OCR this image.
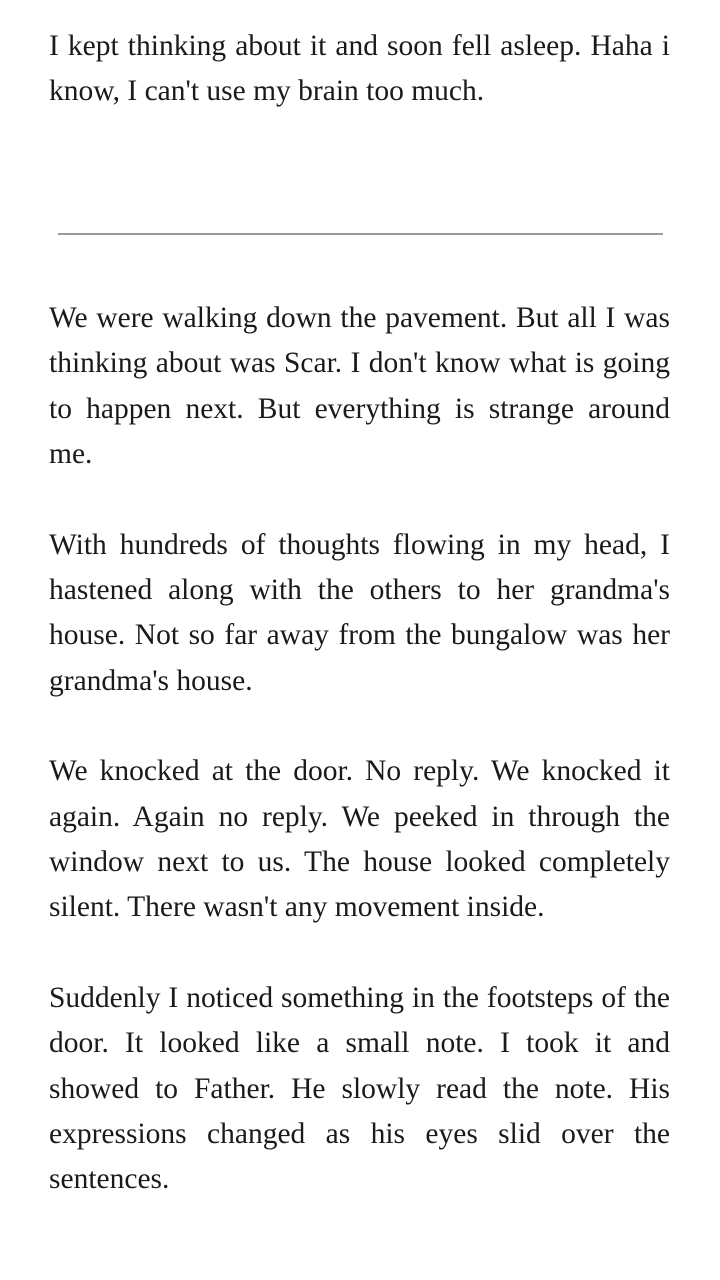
I kept thinking about it and soon fell asleep. Haha i know, I can't use my brain too much.

We were walking down the pavement. But all I was thinking about was Scar. I don't know what is going to happen next. But everything is strange around me.

With hundreds of thoughts flowing in my head, I hastened along with the others to her grandma's house. Not so far away from the bungalow was her grandma's house.

We knocked at the door. No reply. We knocked it again. Again no reply. We peeked in through the window next to us. The house looked completely silent. There wasn't any movement inside.

Suddenly I noticed something in the footsteps of the door. It looked like a small note. I took it and showed to Father. He slowly read the note. His expressions changed as his eyes slid over the sentences.
